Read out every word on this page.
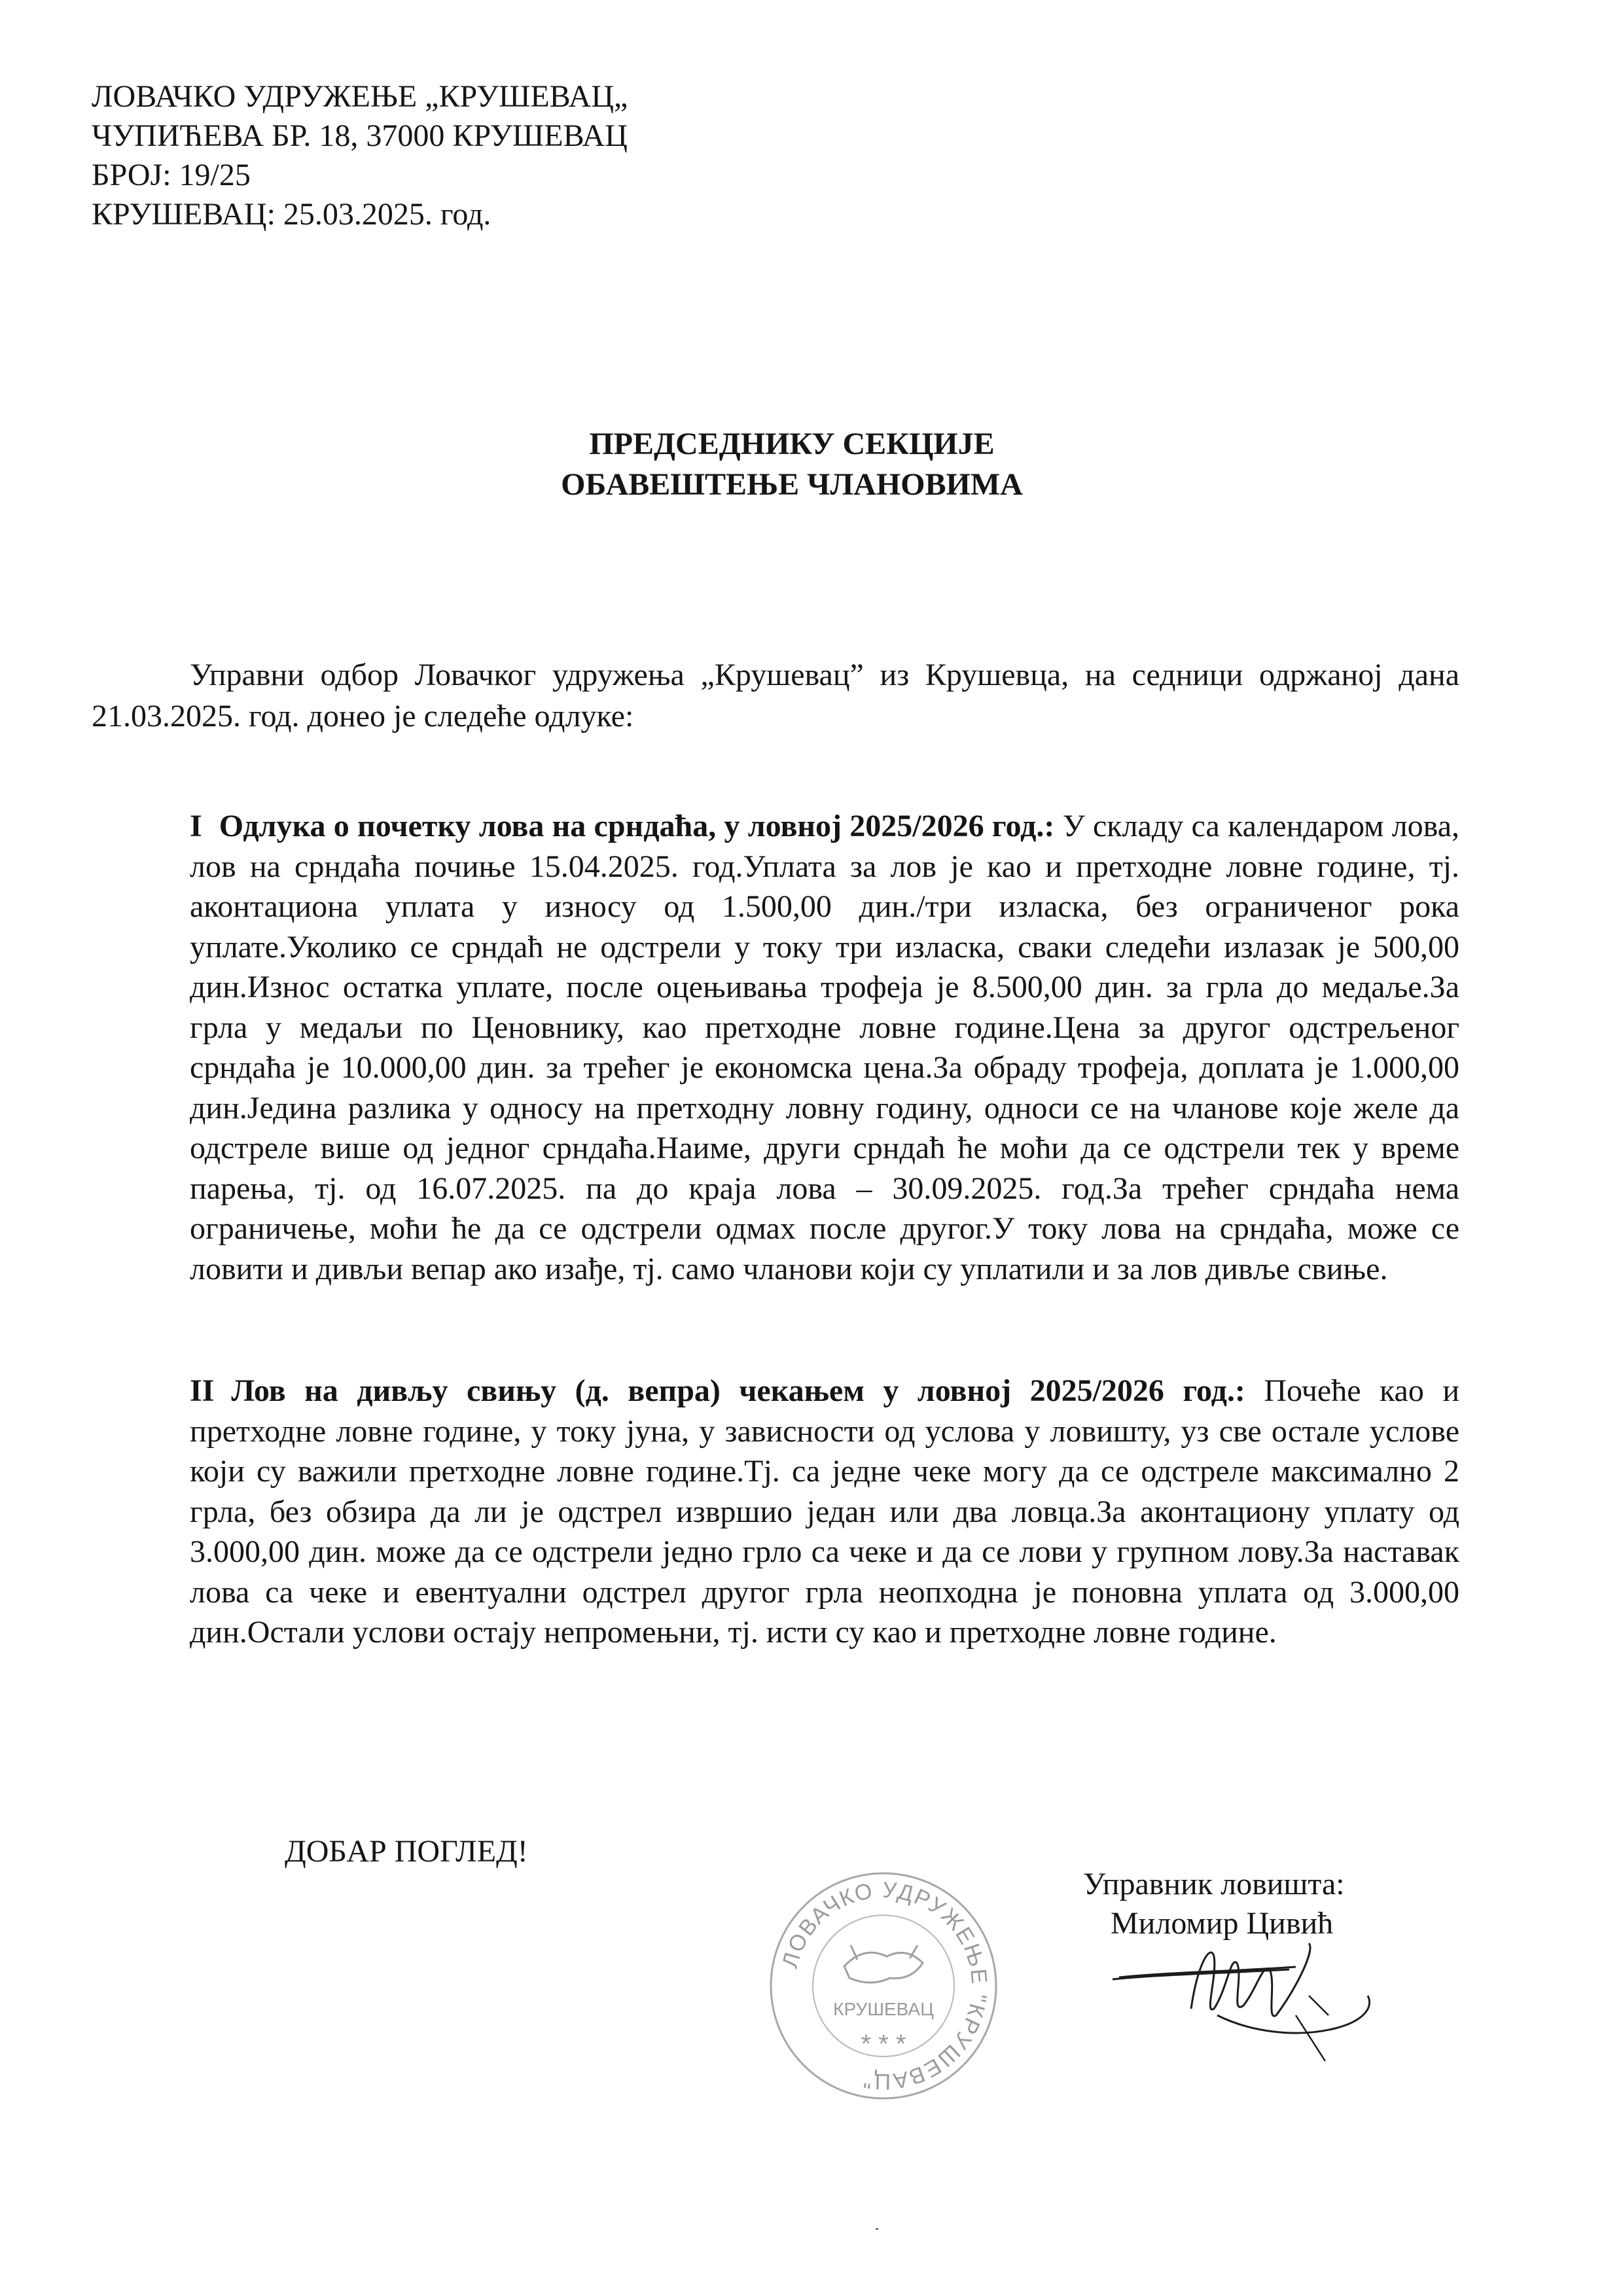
ЛОВАЧКО УДРУЖЕЊЕ „КРУШЕВАЦ„
ЧУПИЋЕВА БР. 18, 37000 КРУШЕВАЦ
БРОЈ: 19/25
КРУШЕВАЦ: 25.03.2025. год.
ПРЕДСЕДНИКУ СЕКЦИЈЕ
ОБАВЕШТЕЊЕ ЧЛАНОВИМА
Управни одбор Ловачког удружења „Крушевац” из Крушевца, на седници одржаној дана 21.03.2025. год. донео је следеће одлуке:
I Одлука о почетку лова на срндаћа, у ловној 2025/2026 год.: У складу са календаром лова, лов на срндаћа почиње 15.04.2025. год.Уплата за лов је као и претходне ловне године, тј. аконтациона уплата у износу од 1.500,00 дин./три изласка, без ограниченог рока уплате.Уколико се срндаћ не одстрели у току три изласка, сваки следећи излазак је 500,00 дин.Износ остатка уплате, после оцењивања трофеја је 8.500,00 дин. за грла до медаље.За грла у медаљи по Ценовнику, као претходне ловне године.Цена за другог одстрељеног срндаћа је 10.000,00 дин. за трећег је економска цена.За обраду трофеја, доплата је 1.000,00 дин.Једина разлика у односу на претходну ловну годину, односи се на чланове које желе да одстреле више од једног срндаћа.Наиме, други срндаћ ће моћи да се одстрели тек у време парења, тј. од 16.07.2025. па до краја лова – 30.09.2025. год.За трећег срндаћа нема ограничење, моћи ће да се одстрели одмах после другог.У току лова на срндаћа, може се ловити и дивљи вепар ако изађе, тј. само чланови који су уплатили и за лов дивље свиње.
II Лов на дивљу свињу (д. вепра) чекањем у ловној 2025/2026 год.: Почеће као и претходне ловне године, у току јуна, у зависности од услова у ловишту, уз све остале услове који су важили претходне ловне године.Тј. са једне чеке могу да се одстреле максимално 2 грла, без обзира да ли је одстрел извршио један или два ловца.За аконтациону уплату од 3.000,00 дин. може да се одстрели једно грло са чеке и да се лови у групном лову.За наставак лова са чеке и евентуални одстрел другог грла неопходна је поновна уплата од 3.000,00 дин.Остали услови остају непромењни, тј. исти су као и претходне ловне године.
ДОБАР ПОГЛЕД!
ЛОВАЧКО УДРУЖЕЊЕ "КРУШЕВАЦ"
КРУШЕВАЦ
* * *
Управник ловишта:
Миломир Цивић
